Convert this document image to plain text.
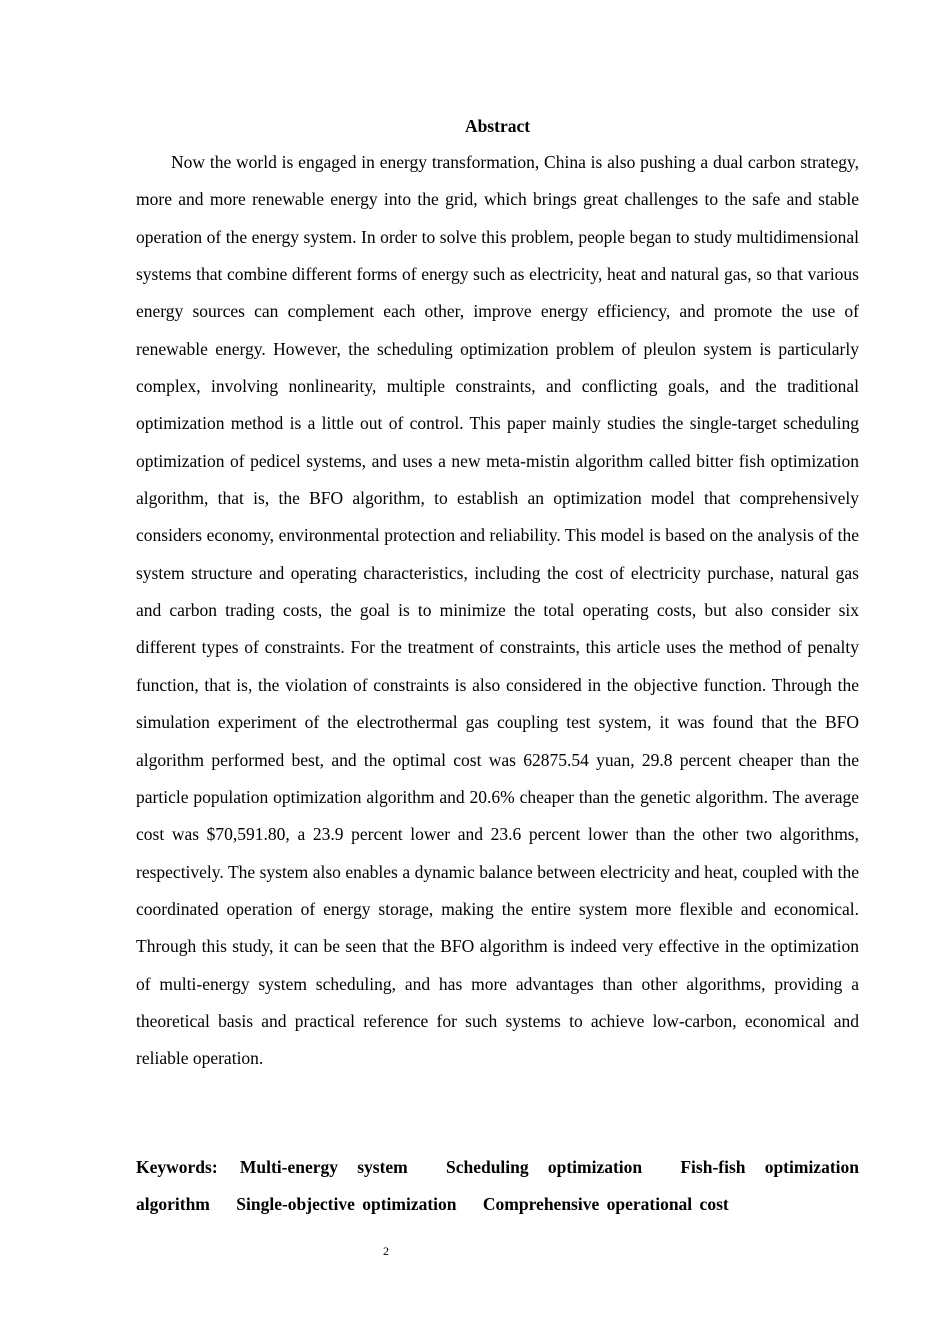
Abstract

Now the world is engaged in energy transformation, China is also pushing a dual carbon strategy, more and more renewable energy into the grid, which brings great challenges to the safe and stable operation of the energy system. In order to solve this problem, people began to study multidimensional systems that combine different forms of energy such as electricity, heat and natural gas, so that various energy sources can complement each other, improve energy efficiency, and promote the use of renewable energy. However, the scheduling optimization problem of pleulon system is particularly complex, involving nonlinearity, multiple constraints, and conflicting goals, and the traditional optimization method is a little out of control. This paper mainly studies the single-target scheduling optimization of pedicel systems, and uses a new meta-mistin algorithm called bitter fish optimization algorithm, that is, the BFO algorithm, to establish an optimization model that comprehensively considers economy, environmental protection and reliability. This model is based on the analysis of the system structure and operating characteristics, including the cost of electricity purchase, natural gas and carbon trading costs, the goal is to minimize the total operating costs, but also consider six different types of constraints. For the treatment of constraints, this article uses the method of penalty function, that is, the violation of constraints is also considered in the objective function. Through the simulation experiment of the electrothermal gas coupling test system, it was found that the BFO algorithm performed best, and the optimal cost was 62875.54 yuan, 29.8 percent cheaper than the particle population optimization algorithm and 20.6% cheaper than the genetic algorithm. The average cost was $70,591.80, a 23.9 percent lower and 23.6 percent lower than the other two algorithms, respectively. The system also enables a dynamic balance between electricity and heat, coupled with the coordinated operation of energy storage, making the entire system more flexible and economical. Through this study, it can be seen that the BFO algorithm is indeed very effective in the optimization of multi-energy system scheduling, and has more advantages than other algorithms, providing a theoretical basis and practical reference for such systems to achieve low-carbon, economical and reliable operation.

Keywords: Multi-energy system Scheduling optimization Fish-fish optimization algorithm Single-objective optimization Comprehensive operational cost

2
